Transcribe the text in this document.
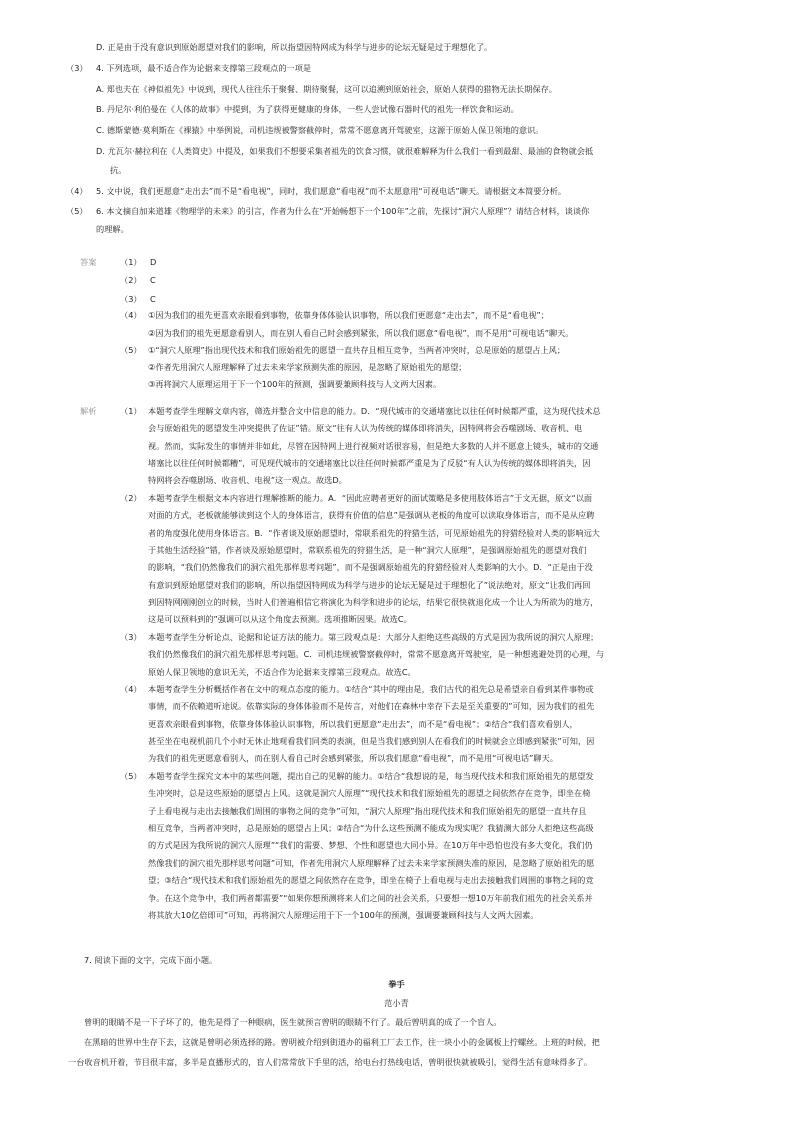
D. 正是由于没有意识到原始愿望对我们的影响，所以指望因特网成为科学与进步的论坛无疑是过于理想化了。
（3） 4. 下列选项，最不适合作为论据来支撑第三段观点的一项是
A. 郑也夫在《神似祖先》中说到，现代人往往乐于聚餐、期待聚餐，这可以追溯到原始社会，原始人获得的猎物无法长期保存。
B. 丹尼尔·利伯曼在《人体的故事》中提到，为了获得更健康的身体，一些人尝试像石器时代的祖先一样饮食和运动。
C. 德斯蒙德·莫利斯在《裸猿》中举例说，司机违规被警察截停时，常常不愿意离开驾驶室，这源于原始人保卫领地的意识。
D. 尤瓦尔·赫拉利在《人类简史》中提及，如果我们不想要采集者祖先的饮食习惯，就很难解释为什么我们一看到最甜、最油的食物就会抵
抗。
（4） 5. 文中说，我们更愿意“走出去”而不是“看电视”，同时，我们愿意“看电视”而不太愿意用“可视电话”聊天。请根据文本简要分析。
（5） 6. 本文摘自加来道雄《物理学的未来》的引言，作者为什么在“开始畅想下一个100年”之前，先探讨“洞穴人原理”？请结合材料，谈谈你
的理解。
答案	（1） D
（2） C
（3） C
（4） ①因为我们的祖先更喜欢亲眼看到事物，依靠身体体验认识事物，所以我们更愿意“走出去”，而不是“看电视”；
②因为我们的祖先更愿意看别人，而在别人看自己时会感到紧张，所以我们愿意“看电视”，而不是用“可视电话”聊天。
（5） ①“洞穴人原理”指出现代技术和我们原始祖先的愿望一直共存且相互竞争，当两者冲突时，总是原始的愿望占上风；
②作者先用洞穴人原理解释了过去未来学家预测失准的原因，是忽略了原始祖先的愿望；
③再将洞穴人原理运用于下一个100年的预测，强调要兼顾科技与人文两大因素。
解析	（1） 本题考查学生理解文章内容，筛选并整合文中信息的能力。D．“现代城市的交通堵塞比以往任何时候都严重，这为现代技术总
会与原始祖先的愿望发生冲突提供了佐证”错。原文“往有人认为传统的媒体即将消失，因特网将会吞噬剧场、收音机、电
视。然而，实际发生的事情并非如此，尽管在因特网上进行视频对话很容易，但是绝大多数的人并不愿意上镜头，城市的交通
堵塞比以往任何时候都糟”，可见现代城市的交通堵塞比以往任何时候都严重是为了反驳“有人认为传统的媒体即将消失，因
特网将会吞噬剧场、收音机、电视”这一观点。故选D。
（2） 本题考查学生根据文本内容进行理解推断的能力。A．“因此应聘者更好的面试策略是多使用肢体语言”于文无据，原文“以面
对面的方式，老板就能够读到这个人的身体语言，获得有价值的信息”是强调从老板的角度可以读取身体语言，而不是从应聘
者的角度强化使用身体语言。B．“作者谈及原始愿望时，常联系祖先的狩猎生活，可见原始祖先的狩猎经验对人类的影响远大
于其他生活经验”错，作者谈及原始愿望时，常联系祖先的狩猎生活，是一种“洞穴人原理”，是强调原始祖先的愿望对我们
的影响，“我们仍然像我们的洞穴祖先那样思考问题”，而不是强调原始祖先的狩猎经验对人类影响的大小。D．“正是由于没
有意识到原始愿望对我们的影响，所以指望因特网成为科学与进步的论坛无疑是过于理想化了”说法绝对，原文“让我们再回
到因特网刚刚创立的时候，当时人们普遍相信它将演化为科学和进步的论坛，结果它很快就退化成一个让人为所欲为的地方，
这是可以预料到的”强调可以从这个角度去预测。选项推断因果。故选C。
（3） 本题考查学生分析论点、论据和论证方法的能力。第三段观点是：大部分人拒绝这些高级的方式是因为我所说的洞穴人原理；
我们仍然像我们的洞穴祖先那样思考问题。C．司机违规被警察截停时，常常不愿意离开驾驶室，是一种想逃避处罚的心理，与
原始人保卫领地的意识无关，不适合作为论据来支撑第三段观点。故选C。
（4） 本题考查学生分析概括作者在文中的观点态度的能力。①结合“其中的理由是，我们古代的祖先总是希望亲自看到某件事物或
事情，而不依赖道听途说。依靠实际的身体体验而不是传言，对他们在森林中幸存下去是至关重要的”可知，因为我们的祖先
更喜欢亲眼看到事物，依靠身体体验认识事物，所以我们更愿意“走出去”，而不是“看电视”；②结合“我们喜欢看别人，
甚至坐在电视机前几个小时无休止地观看我们同类的表演，但是当我们感到别人在看我们的时候就会立即感到紧张”可知，因
为我们的祖先更愿意看别人，而在别人看自己时会感到紧张，所以我们愿意“看电视”，而不是用“可视电话”聊天。
（5） 本题考查学生探究文本中的某些问题，提出自己的见解的能力。①结合“我想说的是，每当现代技术和我们原始祖先的愿望发
生冲突时，总是这些原始的愿望占上风。这就是洞穴人原理”“现代技术和我们原始祖先的愿望之间依然存在竞争，即坐在椅
子上看电视与走出去接触我们周围的事物之间的竞争”可知，“洞穴人原理”指出现代技术和我们原始祖先的愿望一直共存且
相互竞争，当两者冲突时，总是原始的愿望占上风；②结合“为什么这些预测不能成为现实呢？我猜测大部分人拒绝这些高级
的方式是因为我所说的洞穴人原理”“我们的需要、梦想、个性和愿望也大同小异。在10万年中恐怕也没有多大变化，我们仍
然像我们的洞穴祖先那样思考问题”可知，作者先用洞穴人原理解释了过去未来学家预测失准的原因，是忽略了原始祖先的愿
望；③结合“现代技术和我们原始祖先的愿望之间依然存在竞争，即坐在椅子上看电视与走出去接触我们周围的事物之间的竞
争。在这个竞争中，我们两者都需要”“如果你想预测将来人们之间的社会关系，只要想一想10万年前我们祖先的社会关系并
将其放大10亿倍即可”可知，再将洞穴人原理运用于下一个100年的预测，强调要兼顾科技与人文两大因素。
7. 阅读下面的文字，完成下面小题。
拳手
范小青
曾明的眼睛不是一下子坏了的，他先是得了一种眼病，医生就预言曾明的眼睛不行了。最后曾明真的成了一个盲人。
在黑暗的世界中生存下去，这就是曾明必须选择的路。曾明被介绍到街道办的福利工厂去工作，往一块小小的金属板上拧螺丝。上班的时候，把
一台收音机开着，节目很丰富，多半是直播形式的，盲人们常常放下手里的活，给电台打热线电话，曾明很快就被吸引，觉得生活有意味得多了。
